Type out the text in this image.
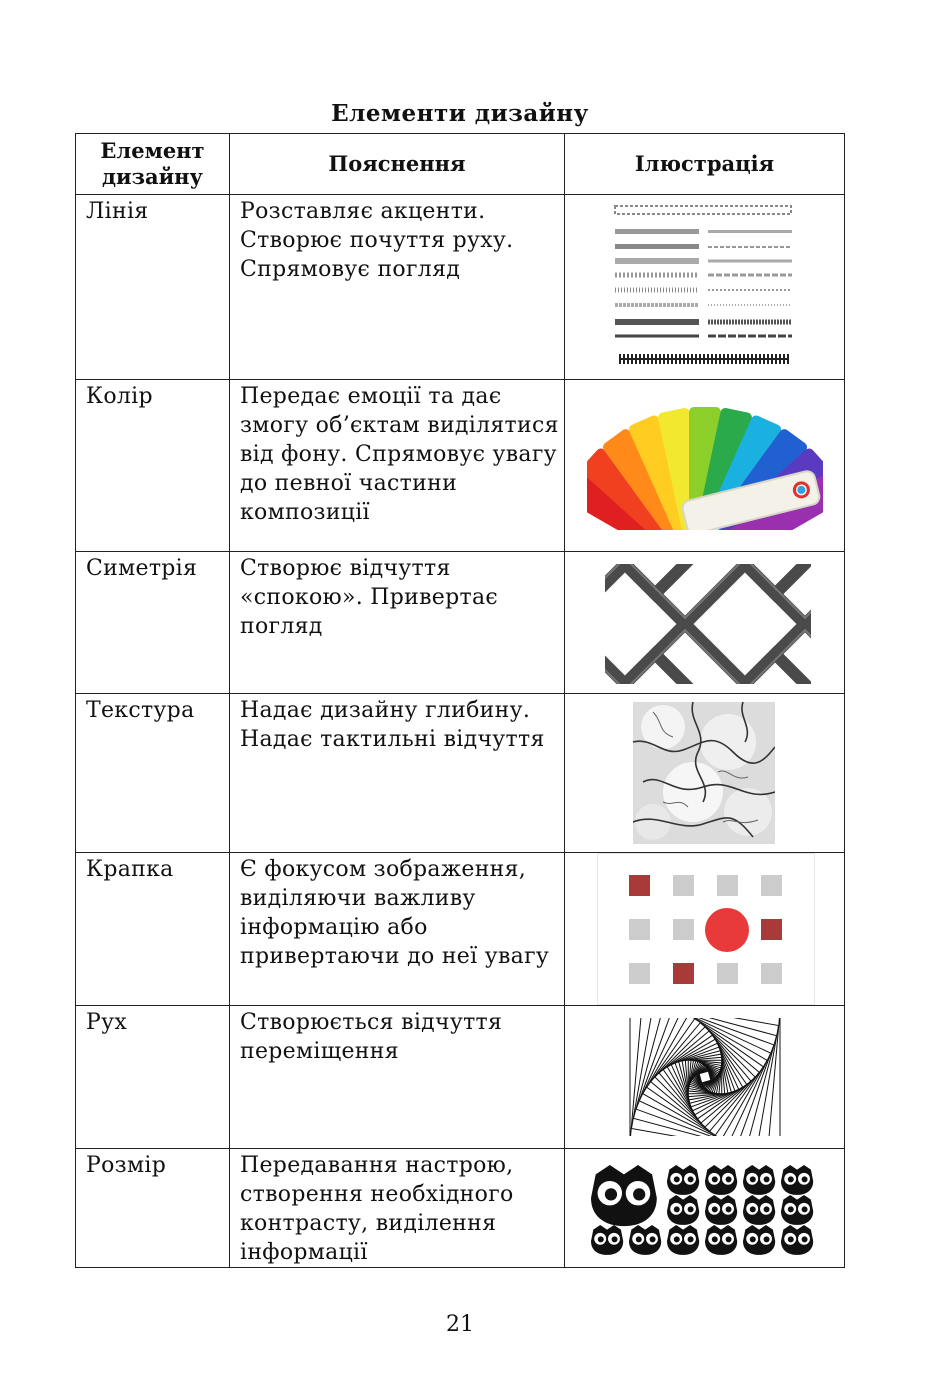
Елементи дизайну
Елемент дизайну	Пояснення	Ілюстрація
Лінія	Розставляє акценти. Створює почуття руху. Спрямовує погляд	

Колір	Передає емоції та дає змогу об’єктам виділятися від фону. Спрямовує увагу до певної частини композиції	

Симетрія	Створює відчуття «спокою». Привертає погляд	

Текстура	Надає дизайну глибину. Надає тактильні відчуття	

Крапка	Є фокусом зображення, виділяючи важливу інформацію або привертаючи до неї увагу	

Рух	Створюється відчуття переміщення	

Розмір	Передавання настрою, створення необхідного контрасту, виділення інформації	
21
